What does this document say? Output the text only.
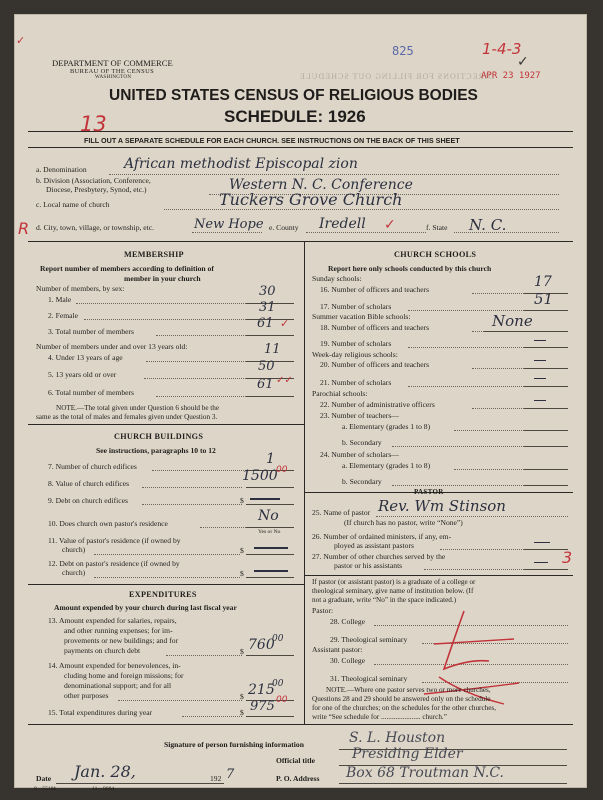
DIRECTIONS FOR FILLING OUT SCHEDULE
DEPARTMENT OF COMMERCE
BUREAU OF THE CENSUS
WASHINGTON
UNITED STATES CENSUS OF RELIGIOUS BODIES
SCHEDULE: 1926
FILL OUT A SEPARATE SCHEDULE FOR EACH CHURCH. SEE INSTRUCTIONS ON THE BACK OF THIS SHEET
825	1-4-3
✓
APR 23 1927
13
R
✓
a. Denomination	African methodist Episcopal zion
b. Division (Association, Conference,
Diocese, Presbytery, Synod, etc.)	Western N. C. Conference
c. Local name of church	Tuckers Grove Church
d. City, town, village, or township, etc.	New Hope e. County Iredell ✓	f. State N. C.
MEMBERSHIP
Report number of members according to definition of
member in your church
Number of members, by sex:
1. Male
30
2. Female
31
3. Total number of members
61 ✓
Number of members under and over 13 years old:
4. Under 13 years of age
11
5. 13 years old or over
50
6. Total number of members
61 ✓✓
NOTE.—The total given under Question 6 should be the
same as the total of males and females given under Question 3.
CHURCH BUILDINGS
See instructions, paragraphs 10 to 12
7. Number of church edifices	1
8. Value of church edifices	1500
00
9. Debt on church edifices	$
10. Does church own pastor's residence	No
Yes or No
11. Value of pastor's residence (if owned by
church)	$
12. Debt on pastor's residence (if owned by
church)	$
EXPENDITURES
Amount expended by your church during last fiscal year
13. Amount expended for salaries, repairs,
and other running expenses; for im-
provements or new buildings; and for
payments on church debt	$ 760
00
14. Amount expended for benevolences, in-
cluding home and foreign missions; for
denominational support; and for all
other purposes	$ 215
00
15. Total expenditures during year	$ 975 00
CHURCH SCHOOLS
Report here only schools conducted by this church
Sunday schools:
16. Number of officers and teachers	17
17. Number of scholars	51
Summer vacation Bible schools:
18. Number of officers and teachers	None
19. Number of scholars
Week-day religious schools:
20. Number of officers and teachers
21. Number of scholars
Parochial schools:
22. Number of administrative officers
23. Number of teachers—
a. Elementary (grades 1 to 8)
b. Secondary
24. Number of scholars—
a. Elementary (grades 1 to 8)
b. Secondary
PASTOR
25. Name of pastor Rev. Wm Stinson
(If church has no pastor, write “None”)
26. Number of ordained ministers, if any, em-
ployed as assistant pastors
27. Number of other churches served by the
pastor or his assistants	3
If pastor (or assistant pastor) is a graduate of a college or
theological seminary, give name of institution below. (If
not a graduate, write “No” in the space indicated.)
Pastor:
28. College
29. Theological seminary
Assistant pastor:
30. College
31. Theological seminary
NOTE.—Where one pastor serves two or more churches,
Questions 28 and 29 should be answered only on the schedule
for one of the churches; on the schedules for the other churches,
write “See schedule for ...................... church.”
Signature of person furnishing information	S. L. Houston
Official title	Presiding Elder
Date Jan. 28,	192 7	P. O. Address Box 68 Troutman N.C.
8—5518b	11—9084
